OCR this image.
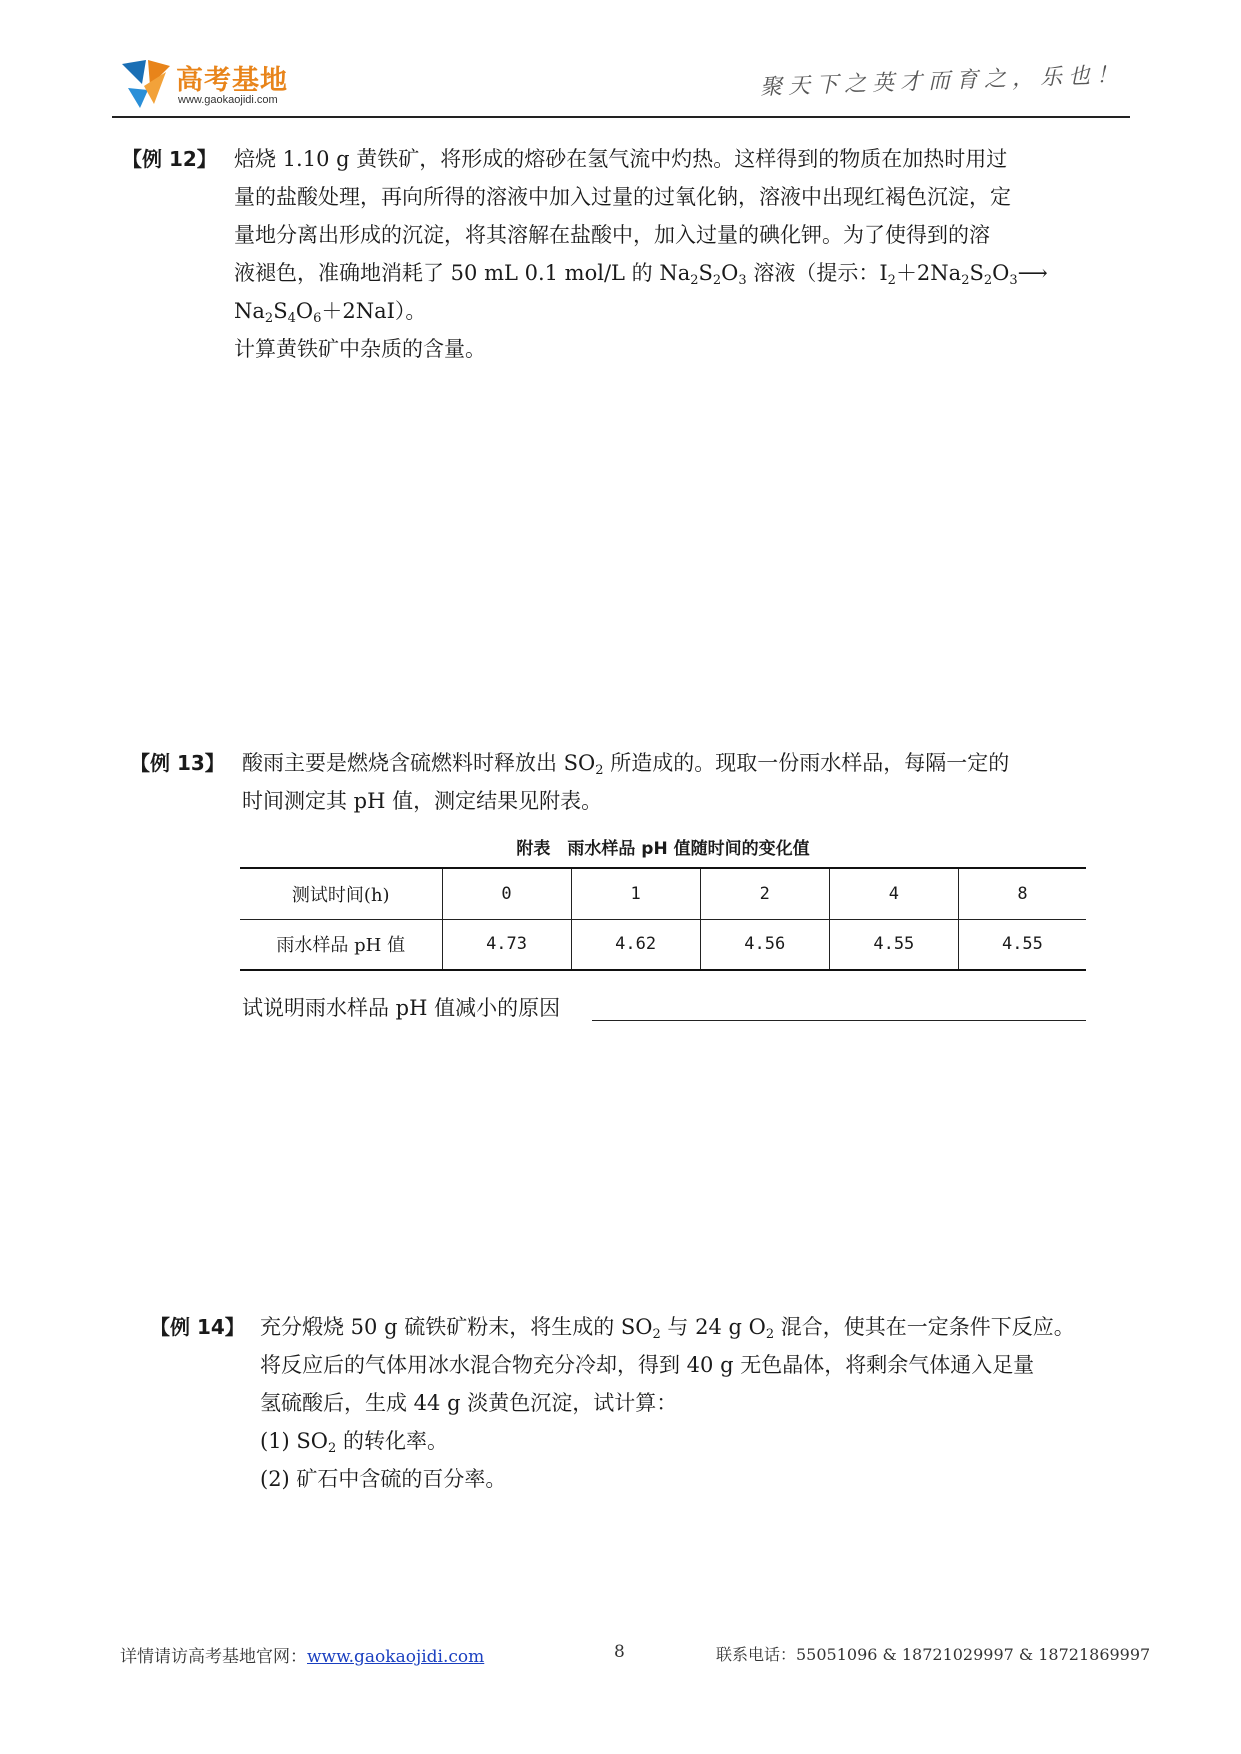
高考基地
www.gaokaojidi.com	聚天下之英才而育之，乐也！
【例 12】 焙烧 1.10 g 黄铁矿，将形成的熔砂在氢气流中灼热。这样得到的物质在加热时用过
量的盐酸处理，再向所得的溶液中加入过量的过氧化钠，溶液中出现红褐色沉淀，定
量地分离出形成的沉淀，将其溶解在盐酸中，加入过量的碘化钾。为了使得到的溶
液褪色，准确地消耗了 50 mL 0.1 mol/L 的 $Na_2S_2O_3$ 溶液（提示：$I_2+2Na_2S_2O_3⟶$
$Na_2S_4O_6+2NaI$）。
计算黄铁矿中杂质的含量。
【例 13】 酸雨主要是燃烧含硫燃料时释放出 $SO_2$ 所造成的。现取一份雨水样品，每隔一定的
时间测定其 pH 值，测定结果见附表。
附表　雨水样品 pH 值随时间的变化值
测试时间(h)	0	1	2	4	8
雨水样品 pH 值	4.73	4.62	4.56	4.55	4.55
试说明雨水样品 pH 值减小的原因
【例 14】 充分煅烧 50 g 硫铁矿粉末，将生成的 $SO_2$ 与 24 g $O_2$ 混合，使其在一定条件下反应。
将反应后的气体用冰水混合物充分冷却，得到 40 g 无色晶体，将剩余气体通入足量
氢硫酸后，生成 44 g 淡黄色沉淀，试计算：
(1) $SO_2$ 的转化率。
(2) 矿石中含硫的百分率。
详情请访高考基地官网：www.gaokaojidi.com	8	联系电话：55051096 & 18721029997 & 18721869997
